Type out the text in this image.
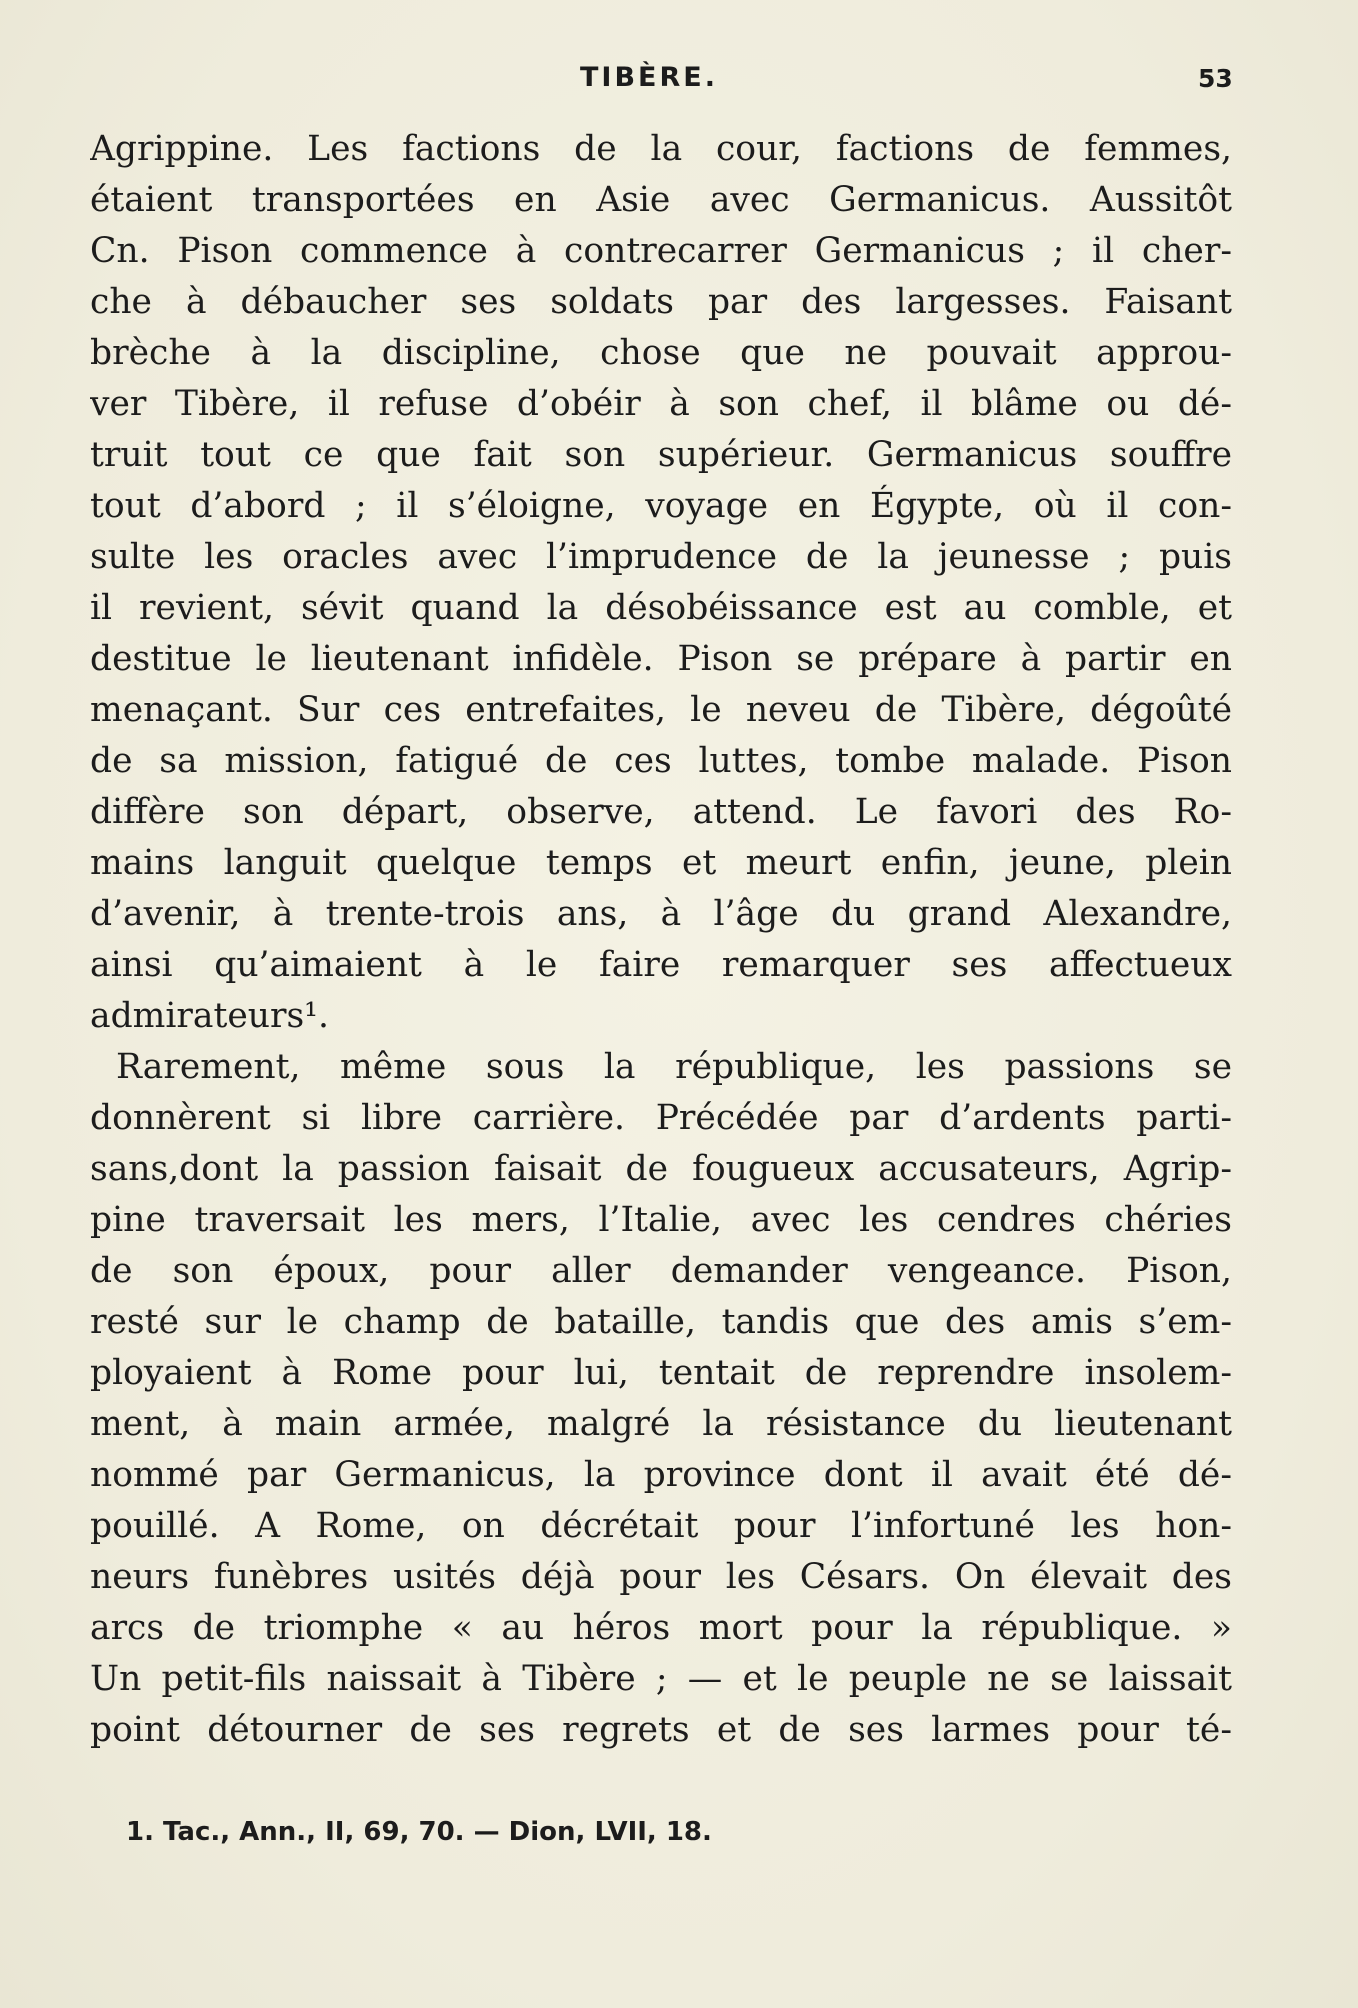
TIBÈRE.	53
Agrippine. Les factions de la cour, factions de femmes,
étaient transportées en Asie avec Germanicus. Aussitôt
Cn. Pison commence à contrecarrer Germanicus ; il cher-
che à débaucher ses soldats par des largesses. Faisant
brèche à la discipline, chose que ne pouvait approu-
ver Tibère, il refuse d’obéir à son chef, il blâme ou dé-
truit tout ce que fait son supérieur. Germanicus souffre
tout d’abord ; il s’éloigne, voyage en Égypte, où il con-
sulte les oracles avec l’imprudence de la jeunesse ; puis
il revient, sévit quand la désobéissance est au comble, et
destitue le lieutenant infidèle. Pison se prépare à partir en
menaçant. Sur ces entrefaites, le neveu de Tibère, dégoûté
de sa mission, fatigué de ces luttes, tombe malade. Pison
diffère son départ, observe, attend. Le favori des Ro-
mains languit quelque temps et meurt enfin, jeune, plein
d’avenir, à trente-trois ans, à l’âge du grand Alexandre,
ainsi qu’aimaient à le faire remarquer ses affectueux
admirateurs¹.
Rarement, même sous la république, les passions se
donnèrent si libre carrière. Précédée par d’ardents parti-
sans,dont la passion faisait de fougueux accusateurs, Agrip-
pine traversait les mers, l’Italie, avec les cendres chéries
de son époux, pour aller demander vengeance. Pison,
resté sur le champ de bataille, tandis que des amis s’em-
ployaient à Rome pour lui, tentait de reprendre insolem-
ment, à main armée, malgré la résistance du lieutenant
nommé par Germanicus, la province dont il avait été dé-
pouillé. A Rome, on décrétait pour l’infortuné les hon-
neurs funèbres usités déjà pour les Césars. On élevait des
arcs de triomphe « au héros mort pour la république. »
Un petit-fils naissait à Tibère ; — et le peuple ne se laissait
point détourner de ses regrets et de ses larmes pour té-
1. Tac., Ann., II, 69, 70. — Dion, LVII, 18.
